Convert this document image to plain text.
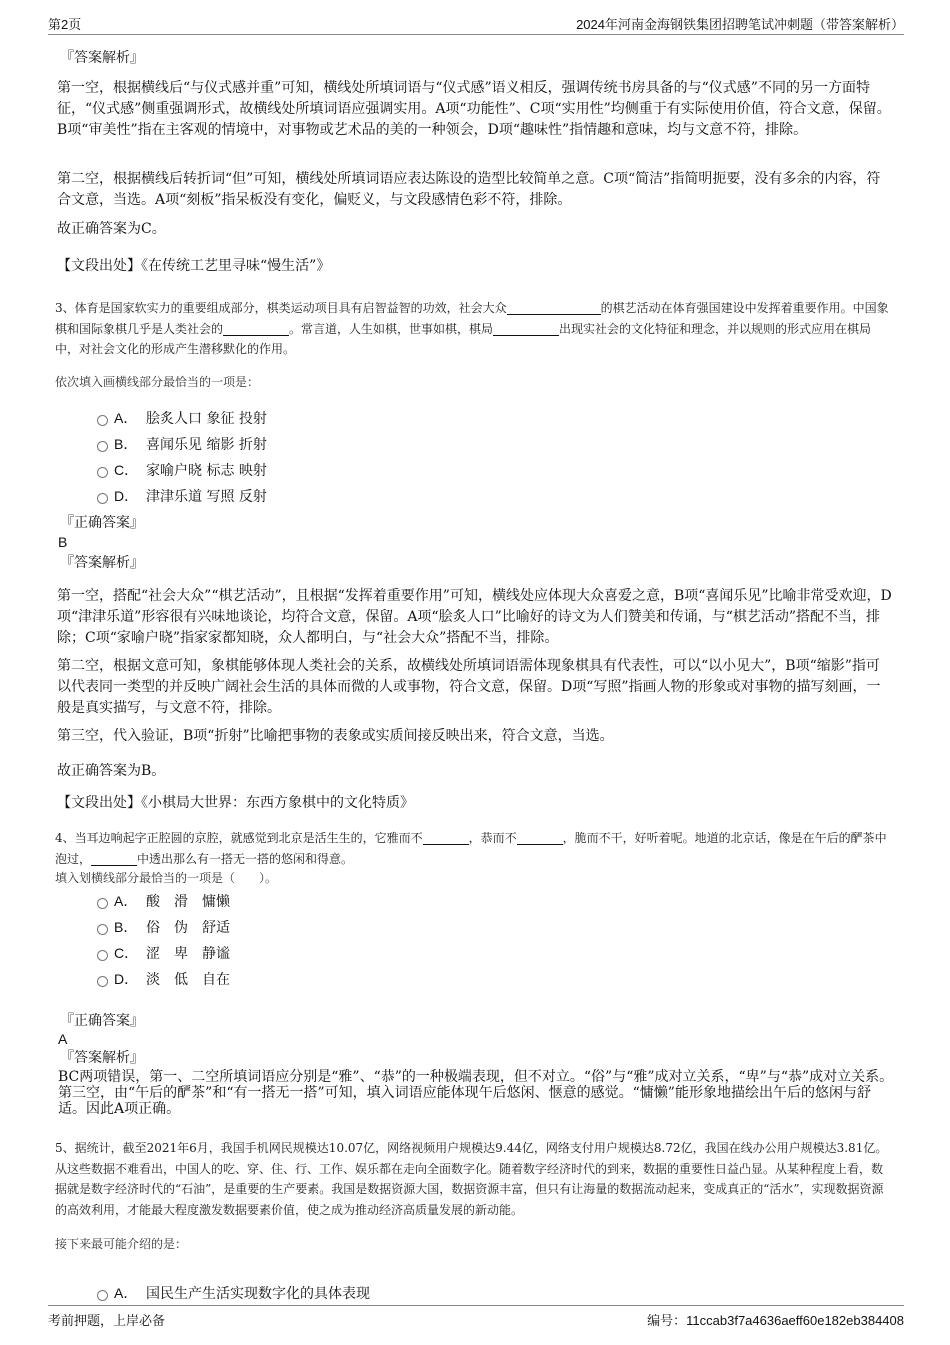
第2页	2024年河南金海钢铁集团招聘笔试冲刺题（带答案解析）
『答案解析』

第一空，根据横线后“与仪式感并重”可知，横线处所填词语与“仪式感”语义相反，强调传统书房具备的与“仪式感”不同的另一方面特征，“仪式感”侧重强调形式，故横线处所填词语应强调实用。A项“功能性”、C项“实用性”均侧重于有实际使用价值，符合文意，保留。B项“审美性”指在主客观的情境中，对事物或艺术品的美的一种领会，D项“趣味性”指情趣和意味，均与文意不符，排除。

第二空，根据横线后转折词“但”可知，横线处所填词语应表达陈设的造型比较简单之意。C项“简洁”指简明扼要，没有多余的内容，符合文意，当选。A项“刻板”指呆板没有变化，偏贬义，与文段感情色彩不符，排除。

故正确答案为C。

【文段出处】《在传统工艺里寻味“慢生活”》

3、体育是国家软实力的重要组成部分，棋类运动项目具有启智益智的功效，社会大众	的棋艺活动在体育强国建设中发挥着重要作用。中国象棋和国际象棋几乎是人类社会的	。常言道，人生如棋，世事如棋，棋局	出现实社会的文化特征和理念，并以规则的形式应用在棋局中，对社会文化的形成产生潜移默化的作用。

依次填入画横线部分最恰当的一项是：

A． 脍炙人口 象征 投射
B． 喜闻乐见 缩影 折射
C． 家喻户晓 标志 映射
D． 津津乐道 写照 反射
『正确答案』
B
『答案解析』

第一空，搭配“社会大众”“棋艺活动”，且根据“发挥着重要作用”可知，横线处应体现大众喜爱之意，B项“喜闻乐见”比喻非常受欢迎，D项“津津乐道”形容很有兴味地谈论，均符合文意，保留。A项“脍炙人口”比喻好的诗文为人们赞美和传诵，与“棋艺活动”搭配不当，排除；C项“家喻户晓”指家家都知晓，众人都明白，与“社会大众”搭配不当，排除。

第二空，根据文意可知，象棋能够体现人类社会的关系，故横线处所填词语需体现象棋具有代表性，可以“以小见大”，B项“缩影”指可以代表同一类型的并反映广阔社会生活的具体而微的人或事物，符合文意，保留。D项“写照”指画人物的形象或对事物的描写刻画，一般是真实描写，与文意不符，排除。

第三空，代入验证，B项“折射”比喻把事物的表象或实质间接反映出来，符合文意，当选。

故正确答案为B。

【文段出处】《小棋局大世界：东西方象棋中的文化特质》

4、当耳边响起字正腔圆的京腔，就感觉到北京是活生生的，它雅而不	，恭而不	，脆而不干，好听着呢。地道的北京话，像是在午后的酽茶中泡过，	中透出那么有一搭无一搭的悠闲和得意。

填入划横线部分最恰当的一项是（　　）。

A． 酸　滑　慵懒
B． 俗　伪　舒适
C． 涩　卑　静谧
D． 淡　低　自在
『正确答案』
A
『答案解析』

BC两项错误，第一、二空所填词语应分别是“雅”、“恭”的一种极端表现，但不对立。“俗”与“雅”成对立关系，“卑”与“恭”成对立关系。第三空，由“午后的酽茶”和“有一搭无一搭”可知，填入词语应能体现午后悠闲、惬意的感觉。“慵懒”能形象地描绘出午后的悠闲与舒适。因此A项正确。

5、据统计，截至2021年6月，我国手机网民规模达10.07亿，网络视频用户规模达9.44亿，网络支付用户规模达8.72亿，我国在线办公用户规模达3.81亿。从这些数据不难看出，中国人的吃、穿、住、行、工作、娱乐都在走向全面数字化。随着数字经济时代的到来，数据的重要性日益凸显。从某种程度上看，数据就是数字经济时代的“石油”，是重要的生产要素。我国是数据资源大国，数据资源丰富，但只有让海量的数据流动起来，变成真正的“活水”，实现数据资源的高效利用，才能最大程度激发数据要素价值，使之成为推动经济高质量发展的新动能。

接下来最可能介绍的是：

A． 国民生产生活实现数字化的具体表现
考前押题，上岸必备	编号：11ccab3f7a4636aeff60e182eb384408
